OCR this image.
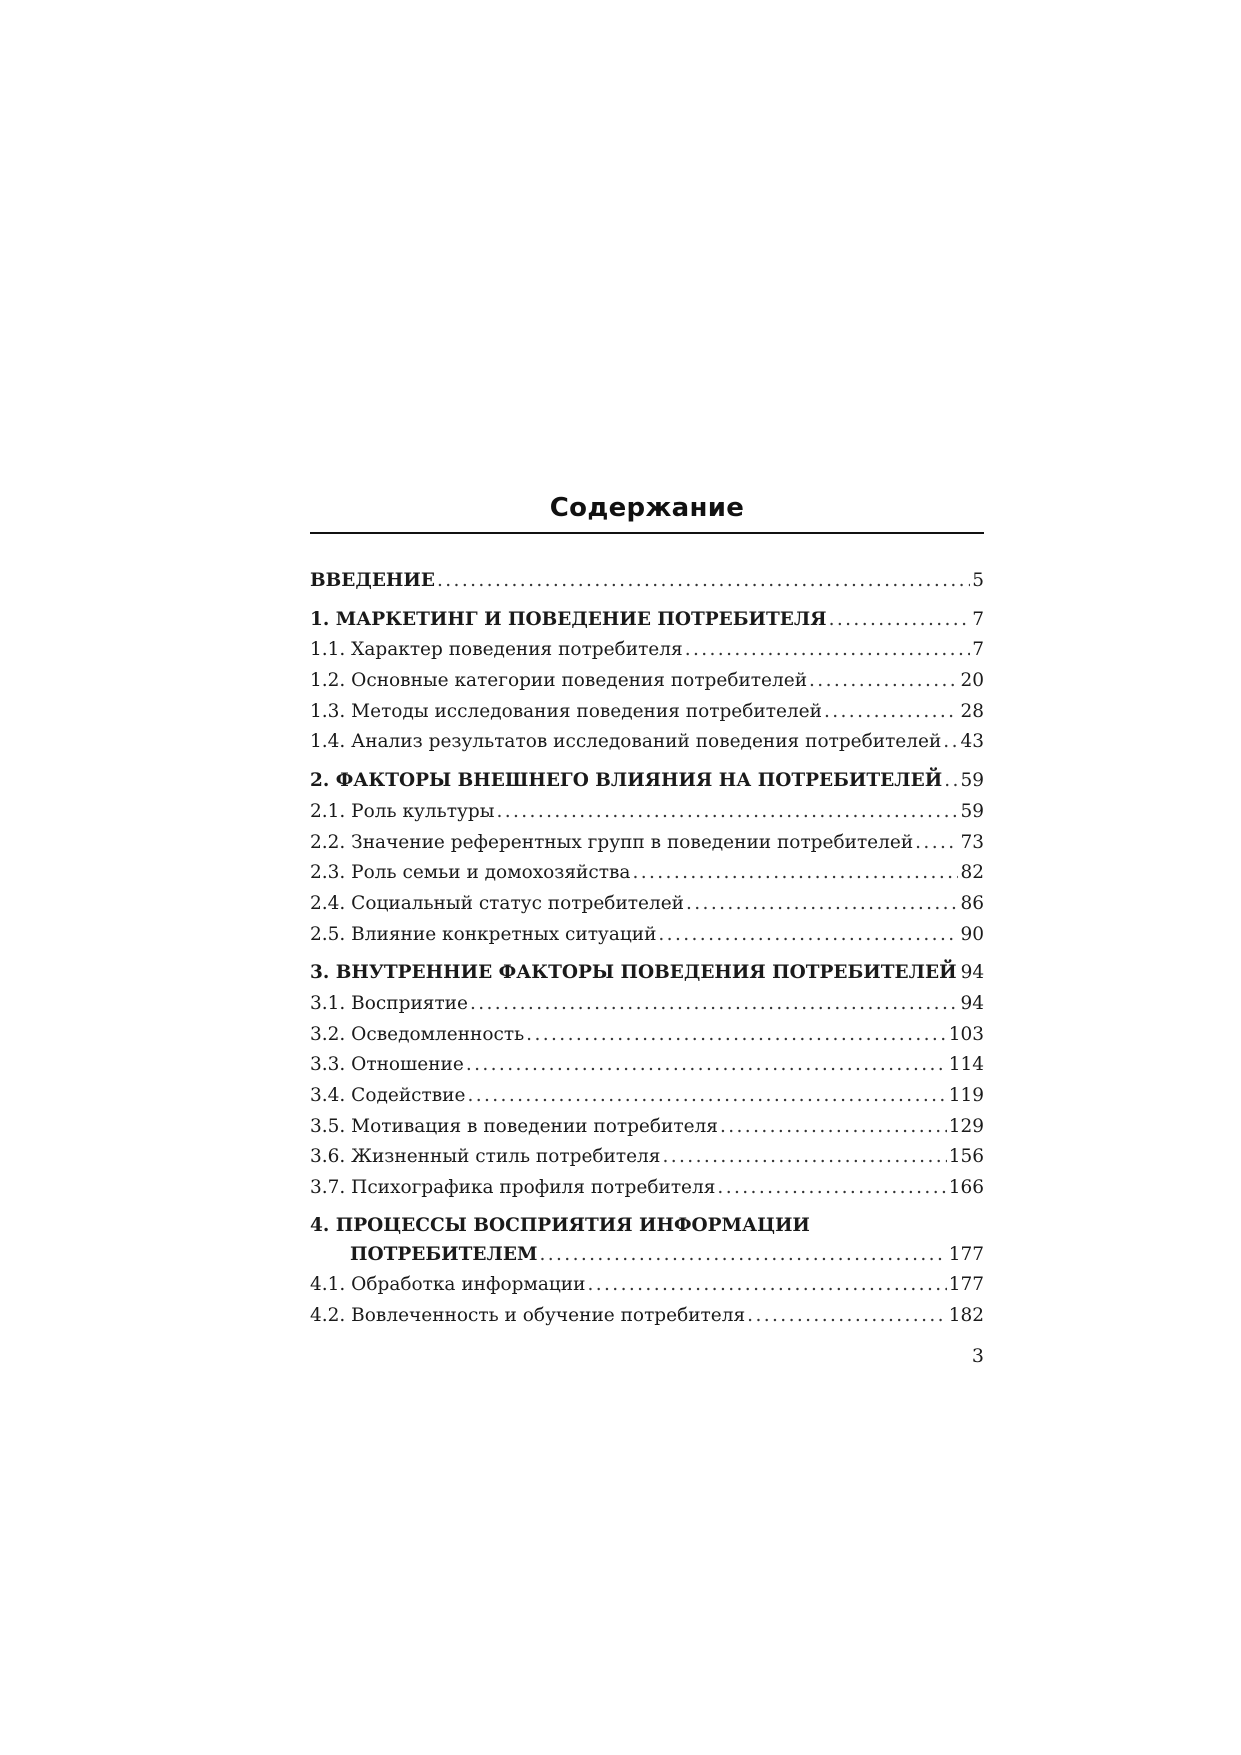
Содержание
ВВЕДЕНИЕ .....	5
1. МАРКЕТИНГ И ПОВЕДЕНИЕ ПОТРЕБИТЕЛЯ .....	7
1.1. Характер поведения потребителя .....	7
1.2. Основные категории поведения потребителей .....	20
1.3. Методы исследования поведения потребителей .....	28
1.4. Анализ результатов исследований поведения потребителей ..... 43
2. ФАКТОРЫ ВНЕШНЕГО ВЛИЯНИЯ НА ПОТРЕБИТЕЛЕЙ ..... 59
2.1. Роль культуры .....	59
2.2. Значение референтных групп в поведении потребителей .....	73
2.3. Роль семьи и домохозяйства .....	82
2.4. Социальный статус потребителей .....	86
2.5. Влияние конкретных ситуаций .....	90
3. ВНУТРЕННИЕ ФАКТОРЫ ПОВЕДЕНИЯ ПОТРЕБИТЕЛЕЙ 94
3.1. Восприятие .....	94
3.2. Осведомленность .....	103
3.3. Отношение .....	114
3.4. Содействие .....	119
3.5. Мотивация в поведении потребителя .....	129
3.6. Жизненный стиль потребителя .....	156
3.7. Психографика профиля потребителя .....	166
4. ПРОЦЕССЫ ВОСПРИЯТИЯ ИНФОРМАЦИИ
ПОТРЕБИТЕЛЕМ .....	177
4.1. Обработка информации .....	177
4.2. Вовлеченность и обучение потребителя .....	182
3
